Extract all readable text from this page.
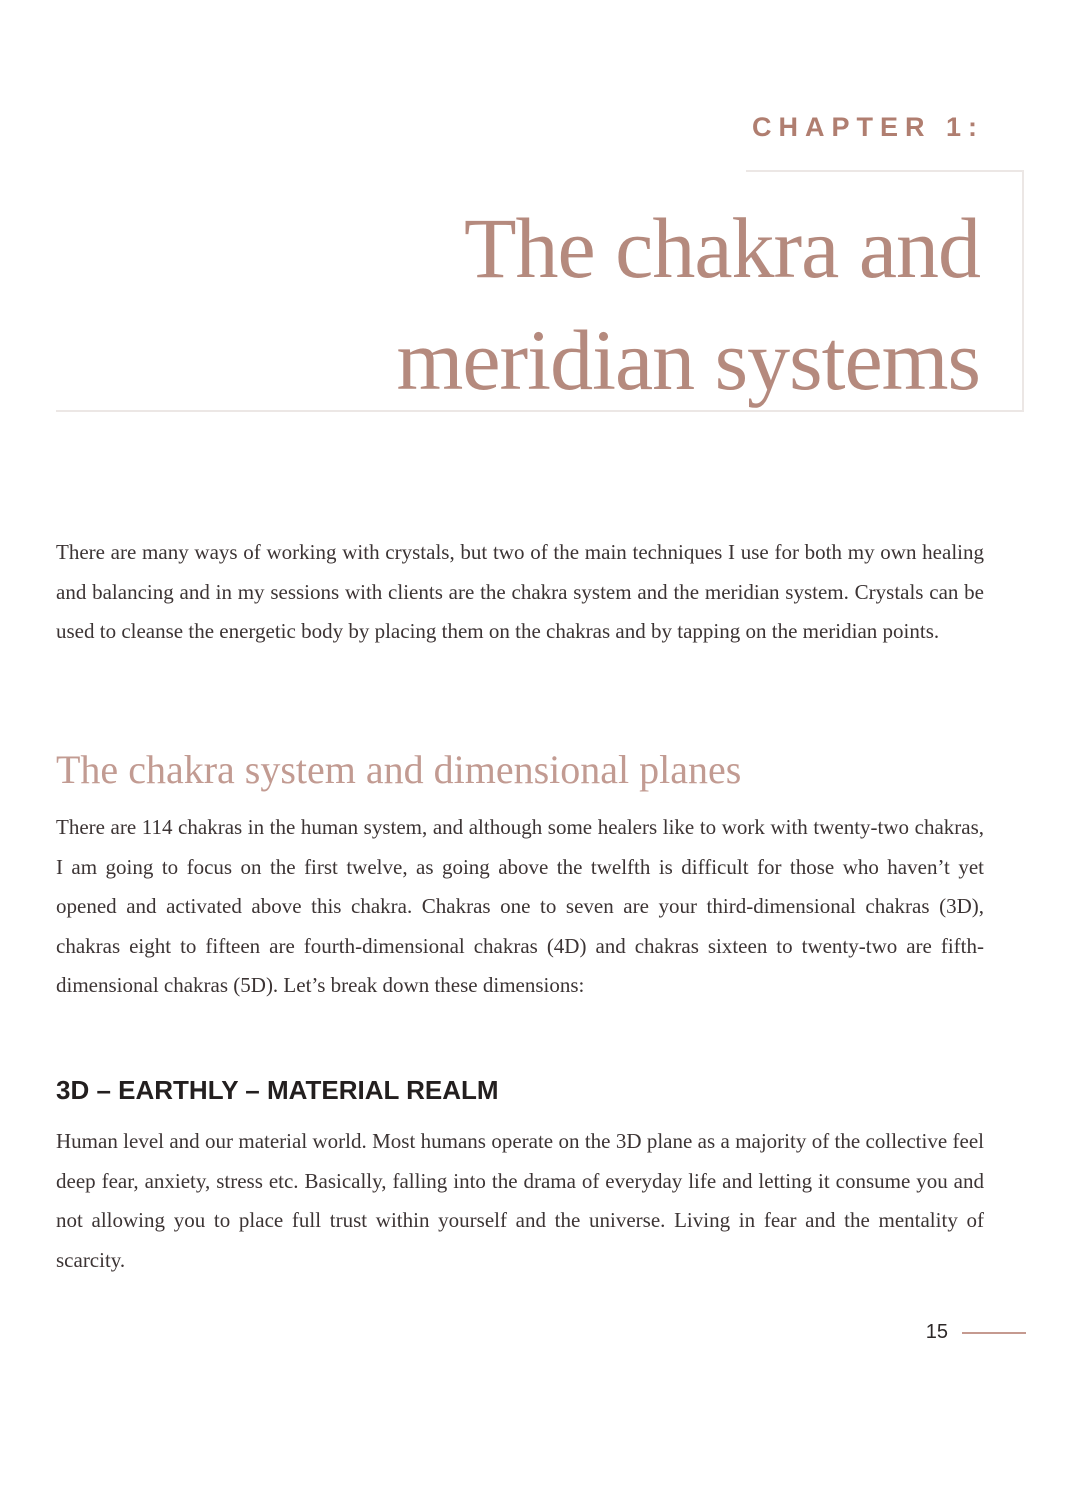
CHAPTER 1:

The chakra and meridian systems

There are many ways of working with crystals, but two of the main techniques I use for both my own healing and balancing and in my sessions with clients are the chakra system and the meridian system. Crystals can be used to cleanse the energetic body by placing them on the chakras and by tapping on the meridian points.

The chakra system and dimensional planes

There are 114 chakras in the human system, and although some healers like to work with twenty-two chakras, I am going to focus on the first twelve, as going above the twelfth is difficult for those who haven’t yet opened and activated above this chakra. Chakras one to seven are your third-dimensional chakras (3D), chakras eight to fifteen are fourth-dimensional chakras (4D) and chakras sixteen to twenty-two are fifth-dimensional chakras (5D). Let’s break down these dimensions:

3D – EARTHLY – MATERIAL REALM

Human level and our material world. Most humans operate on the 3D plane as a majority of the collective feel deep fear, anxiety, stress etc. Basically, falling into the drama of everyday life and letting it consume you and not allowing you to place full trust within yourself and the universe. Living in fear and the mentality of scarcity.

15
